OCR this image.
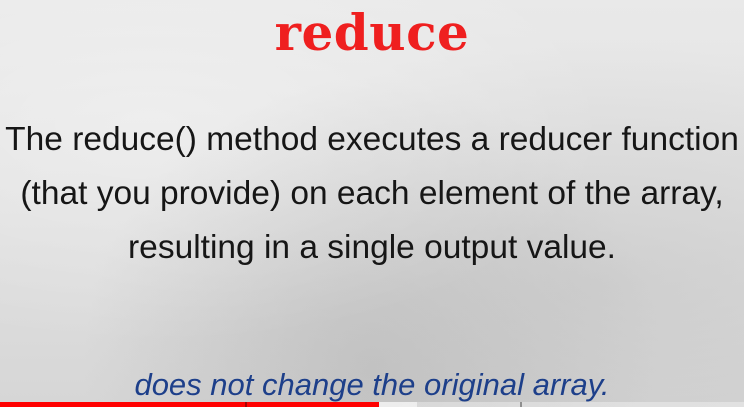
reduce
The reduce() method executes a reducer function
(that you provide) on each element of the array,
resulting in a single output value.
does not change the original array.
